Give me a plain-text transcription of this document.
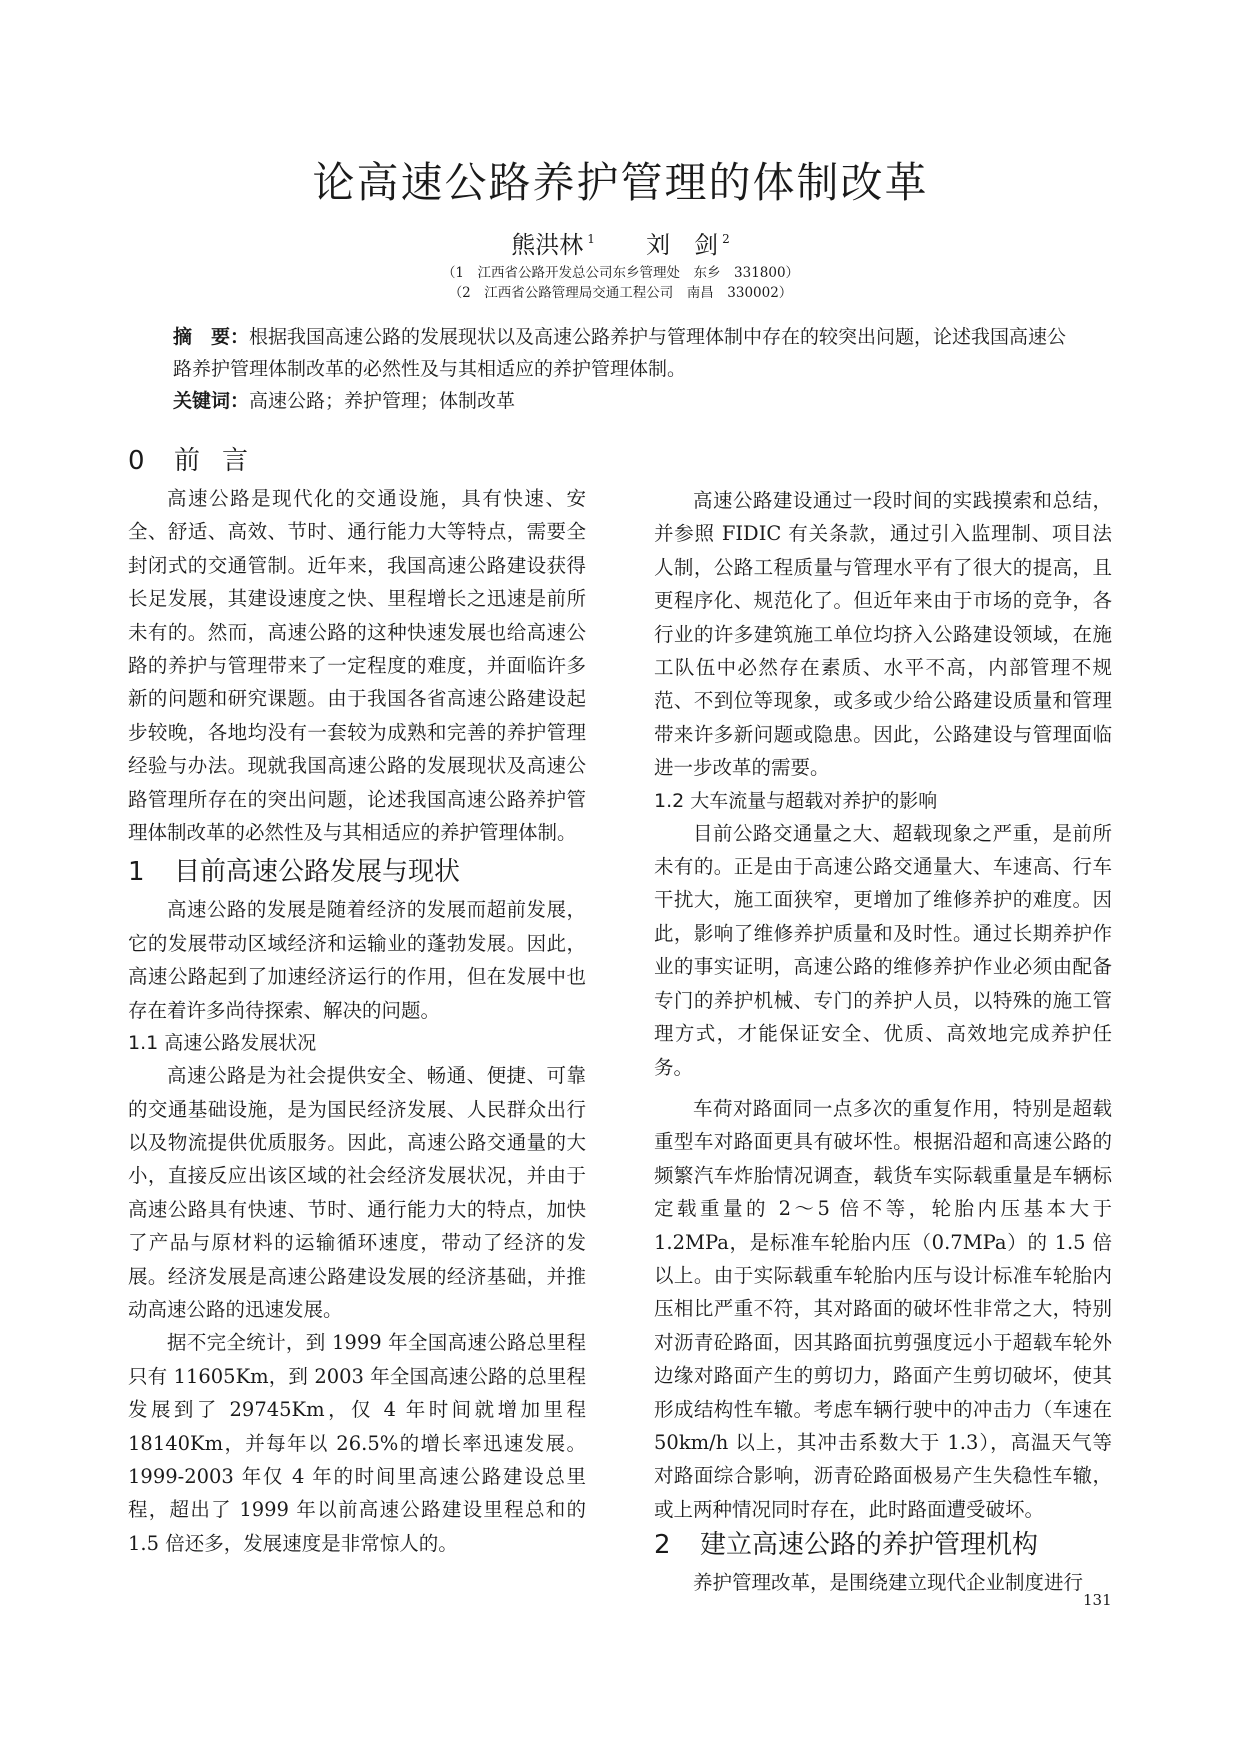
论高速公路养护管理的体制改革
熊洪林 $^1$ 刘　剑 $^2$
（1　江西省公路开发总公司东乡管理处　东乡　331800）
（2　江西省公路管理局交通工程公司　南昌　330002）
摘　要：根据我国高速公路的发展现状以及高速公路养护与管理体制中存在的较突出问题，论述我国高速公路养护管理体制改革的必然性及与其相适应的养护管理体制。
关键词：高速公路；养护管理；体制改革
0 前言

高速公路是现代化的交通设施，具有快速、安全、舒适、高效、节时、通行能力大等特点，需要全封闭式的交通管制。近年来，我国高速公路建设获得长足发展，其建设速度之快、里程增长之迅速是前所未有的。然而，高速公路的这种快速发展也给高速公路的养护与管理带来了一定程度的难度，并面临许多新的问题和研究课题。由于我国各省高速公路建设起步较晚，各地均没有一套较为成熟和完善的养护管理经验与办法。现就我国高速公路的发展现状及高速公路管理所存在的突出问题，论述我国高速公路养护管理体制改革的必然性及与其相适应的养护管理体制。

1 目前高速公路发展与现状

高速公路的发展是随着经济的发展而超前发展，它的发展带动区域经济和运输业的蓬勃发展。因此，高速公路起到了加速经济运行的作用，但在发展中也存在着许多尚待探索、解决的问题。

1.1 高速公路发展状况

高速公路是为社会提供安全、畅通、便捷、可靠的交通基础设施，是为国民经济发展、人民群众出行以及物流提供优质服务。因此，高速公路交通量的大小，直接反应出该区域的社会经济发展状况，并由于高速公路具有快速、节时、通行能力大的特点，加快了产品与原材料的运输循环速度，带动了经济的发展。经济发展是高速公路建设发展的经济基础，并推动高速公路的迅速发展。

据不完全统计，到 1999 年全国高速公路总里程只有 11605Km，到 2003 年全国高速公路的总里程发展到了 29745Km，仅 4 年时间就增加里程 18140Km，并每年以 26.5%的增长率迅速发展。1999-2003 年仅 4 年的时间里高速公路建设总里程，超出了 1999 年以前高速公路建设里程总和的 1.5 倍还多，发展速度是非常惊人的。

高速公路建设通过一段时间的实践摸索和总结，并参照 FIDIC 有关条款，通过引入监理制、项目法人制，公路工程质量与管理水平有了很大的提高，且更程序化、规范化了。但近年来由于市场的竞争，各行业的许多建筑施工单位均挤入公路建设领域，在施工队伍中必然存在素质、水平不高，内部管理不规范、不到位等现象，或多或少给公路建设质量和管理带来许多新问题或隐患。因此，公路建设与管理面临进一步改革的需要。

1.2 大车流量与超载对养护的影响

目前公路交通量之大、超载现象之严重，是前所未有的。正是由于高速公路交通量大、车速高、行车干扰大，施工面狭窄，更增加了维修养护的难度。因此，影响了维修养护质量和及时性。通过长期养护作业的事实证明，高速公路的维修养护作业必须由配备专门的养护机械、专门的养护人员，以特殊的施工管理方式，才能保证安全、优质、高效地完成养护任务。

车荷对路面同一点多次的重复作用，特别是超载重型车对路面更具有破坏性。根据沿超和高速公路的频繁汽车炸胎情况调查，载货车实际载重量是车辆标定载重量的 2～5 倍不等，轮胎内压基本大于 1.2MPa，是标准车轮胎内压（0.7MPa）的 1.5 倍以上。由于实际载重车轮胎内压与设计标准车轮胎内压相比严重不符，其对路面的破坏性非常之大，特别对沥青砼路面，因其路面抗剪强度远小于超载车轮外边缘对路面产生的剪切力，路面产生剪切破坏，使其形成结构性车辙。考虑车辆行驶中的冲击力（车速在 50km/h 以上，其冲击系数大于 1.3），高温天气等对路面综合影响，沥青砼路面极易产生失稳性车辙，或上两种情况同时存在，此时路面遭受破坏。

2 建立高速公路的养护管理机构

养护管理改革，是围绕建立现代企业制度进行

131
